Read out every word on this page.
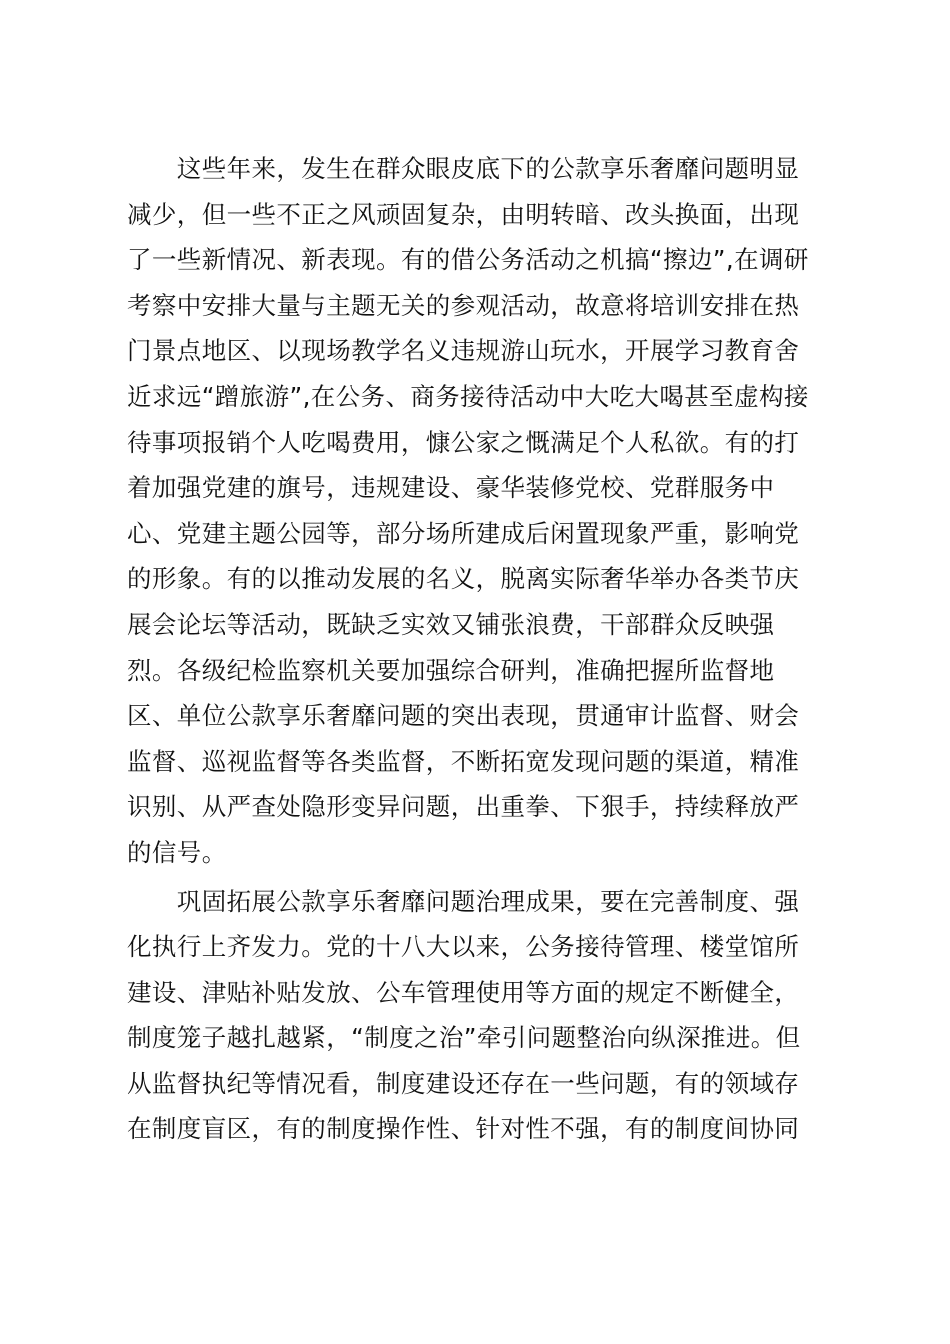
　　这些年来，发生在群众眼皮底下的公款享乐奢靡问题明显
减少，但一些不正之风顽固复杂，由明转暗、改头换面，出现
了一些新情况、新表现。有的借公务活动之机搞“擦边”,在调研
考察中安排大量与主题无关的参观活动，故意将培训安排在热
门景点地区、以现场教学名义违规游山玩水，开展学习教育舍
近求远“蹭旅游”,在公务、商务接待活动中大吃大喝甚至虚构接
待事项报销个人吃喝费用，慷公家之慨满足个人私欲。有的打
着加强党建的旗号，违规建设、豪华装修党校、党群服务中
心、党建主题公园等，部分场所建成后闲置现象严重，影响党
的形象。有的以推动发展的名义，脱离实际奢华举办各类节庆
展会论坛等活动，既缺乏实效又铺张浪费，干部群众反映强
烈。各级纪检监察机关要加强综合研判，准确把握所监督地
区、单位公款享乐奢靡问题的突出表现，贯通审计监督、财会
监督、巡视监督等各类监督，不断拓宽发现问题的渠道，精准
识别、从严查处隐形变异问题，出重拳、下狠手，持续释放严
的信号。
　　巩固拓展公款享乐奢靡问题治理成果，要在完善制度、强
化执行上齐发力。党的十八大以来，公务接待管理、楼堂馆所
建设、津贴补贴发放、公车管理使用等方面的规定不断健全，
制度笼子越扎越紧，“制度之治”牵引问题整治向纵深推进。但
从监督执纪等情况看，制度建设还存在一些问题，有的领域存
在制度盲区，有的制度操作性、针对性不强，有的制度间协同
